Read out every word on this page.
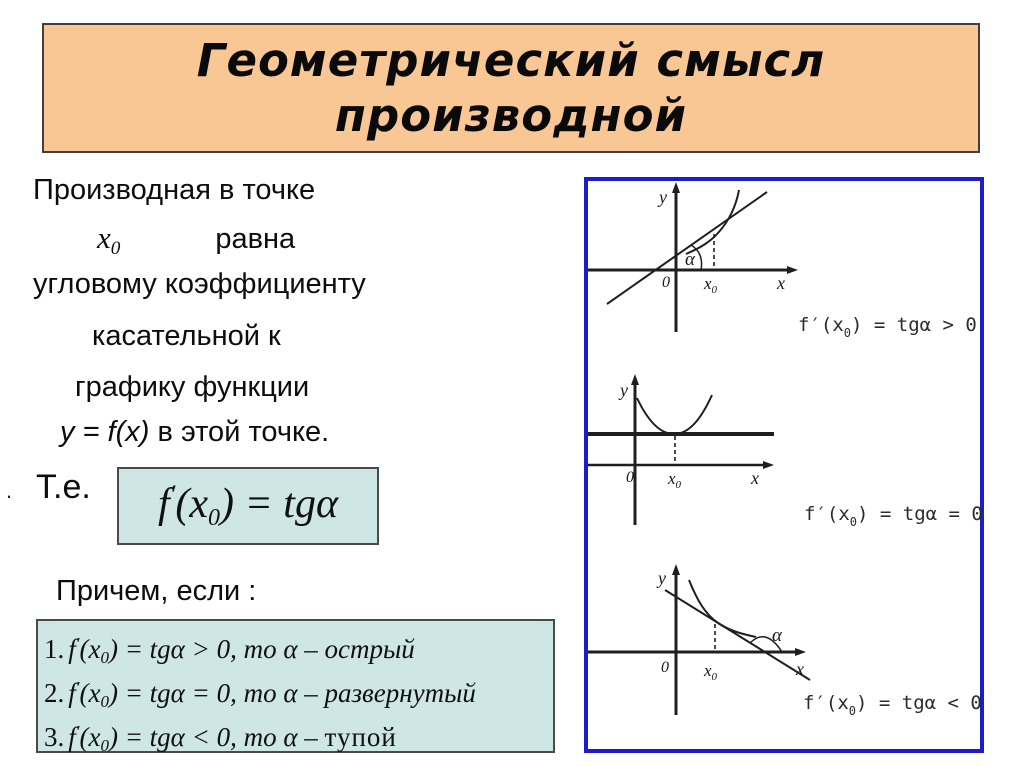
Геометрический смысл
производной
Производная в точке
$x_0$	равна
угловому коэффициенту
касательной к
графику функции
y = f(x) в этой точке.
. Т.е. f′(x0) = tgα
Причем, если :
1. f′(x0) = tgα > 0, то α – острый
2. f′(x0) = tgα = 0, то α – развернутый
3. f′(x0) = tgα < 0, то α – тупой
α
y
x
0 $x_0$
y
x
0 $x_0$
α
y
x
0 $x_0$
$f'(x_0) = tg\alpha > 0$
$f'(x_0) = tg\alpha = 0$
$f'(x_0) = tg\alpha < 0$
